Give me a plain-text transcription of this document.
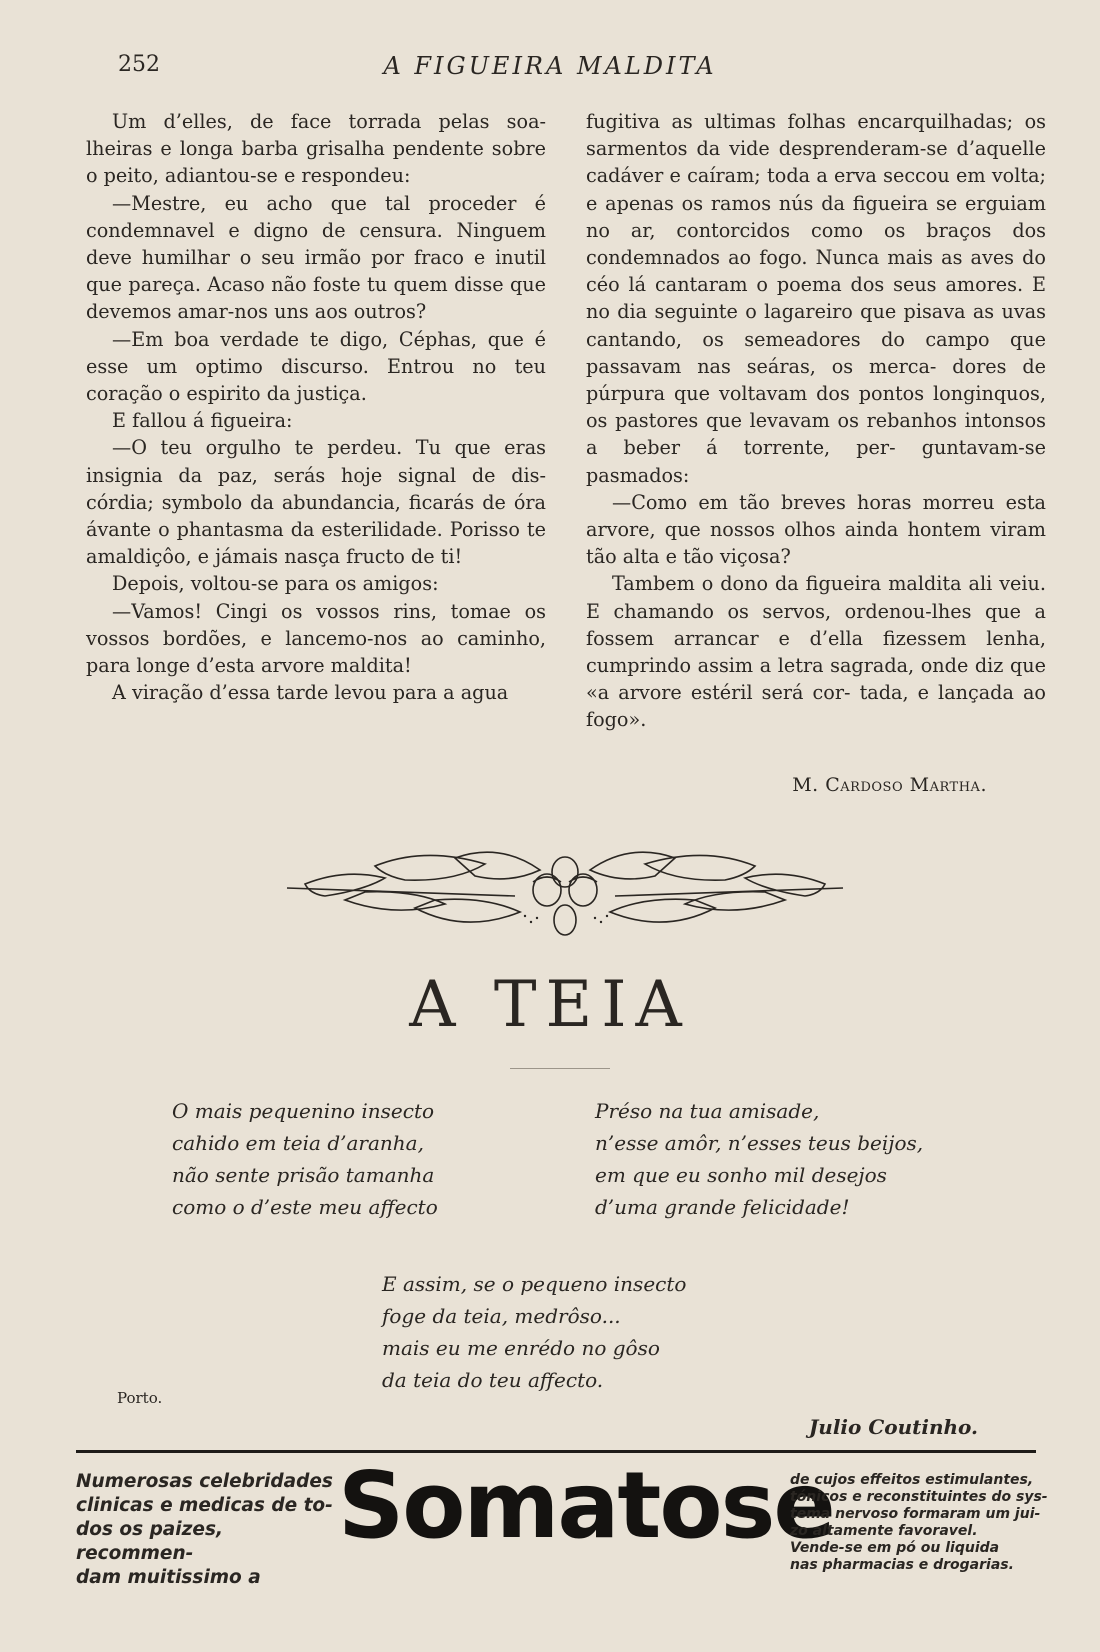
252	A FIGUEIRA MALDITA

Um d’elles, de face torrada pelas soa- lheiras e longa barba grisalha pendente sobre o peito, adiantou-se e respondeu:

—Mestre, eu acho que tal proceder é condemnavel e digno de censura. Ninguem deve humilhar o seu irmão por fraco e inutil que pareça. Acaso não foste tu quem disse que devemos amar-nos uns aos outros?

—Em boa verdade te digo, Céphas, que é esse um optimo discurso. Entrou no teu coração o espirito da justiça.

E fallou á figueira:

—O teu orgulho te perdeu. Tu que eras insignia da paz, serás hoje signal de dis- córdia; symbolo da abundancia, ficarás de óra ávante o phantasma da esterilidade. Porisso te amaldiçôo, e jámais nasça fructo de ti!

Depois, voltou-se para os amigos:

—Vamos! Cingi os vossos rins, tomae os vossos bordões, e lancemo-nos ao caminho, para longe d’esta arvore maldita!

A viração d’essa tarde levou para a agua

fugitiva as ultimas folhas encarquilhadas; os sarmentos da vide desprenderam-se d’aquelle cadáver e caíram; toda a erva seccou em volta; e apenas os ramos nús da figueira se erguiam no ar, contorcidos como os braços dos condemnados ao fogo. Nunca mais as aves do céo lá cantaram o poema dos seus amores. E no dia seguinte o lagareiro que pisava as uvas cantando, os semeadores do campo que passavam nas seáras, os merca- dores de púrpura que voltavam dos pontos longinquos, os pastores que levavam os rebanhos intonsos a beber á torrente, per- guntavam-se pasmados:

—Como em tão breves horas morreu esta arvore, que nossos olhos ainda hontem viram tão alta e tão viçosa?

Tambem o dono da figueira maldita ali veiu. E chamando os servos, ordenou-lhes que a fossem arrancar e d’ella fizessem lenha, cumprindo assim a letra sagrada, onde diz que «a arvore estéril será cor- tada, e lançada ao fogo».

M. Cardoso Martha.
A TEIA

O mais pequenino insecto

cahido em teia d’aranha,

não sente prisão tamanha

como o d’este meu affecto

Préso na tua amisade,

n’esse amôr, n’esses teus beijos,

em que eu sonho mil desejos

d’uma grande felicidade!

E assim, se o pequeno insecto

foge da teia, medrôso...

mais eu me enrédo no gôso

da teia do teu affecto.

Porto.
Julio Coutinho.

Numerosas celebridades

clinicas e medicas de to-

dos os paizes, recommen-

dam muitissimo a

Somatose

de cujos effeitos estimulantes,

tónicos e reconstituintes do sys-

tema nervoso formaram um jui-

zo altamente favoravel.

Vende-se em pó ou liquida

nas pharmacias e drogarias.
